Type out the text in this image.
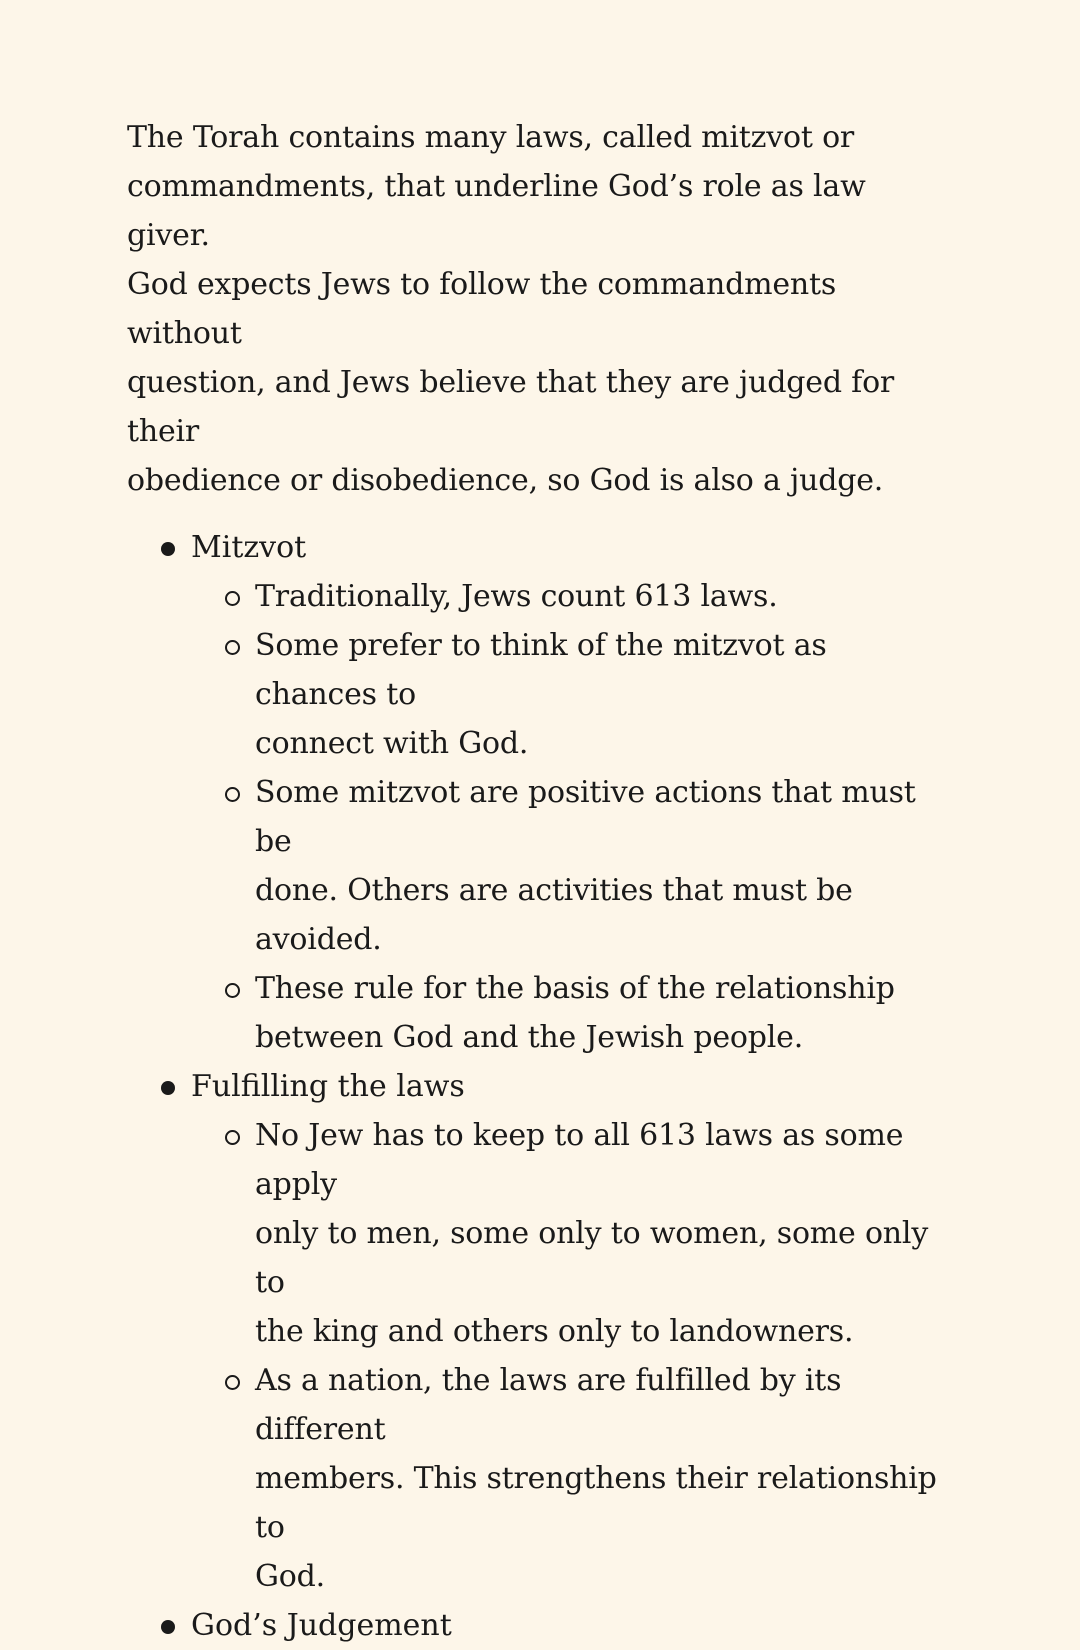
The Torah contains many laws, called mitzvot or
commandments, that underline God’s role as law giver.
God expects Jews to follow the commandments without
question, and Jews believe that they are judged for their
obedience or disobedience, so God is also a judge.

Mitzvot
Traditionally, Jews count 613 laws.
Some prefer to think of the mitzvot as chances to
connect with God.
Some mitzvot are positive actions that must be
done. Others are activities that must be avoided.
These rule for the basis of the relationship
between God and the Jewish people.
Fulfilling the laws
No Jew has to keep to all 613 laws as some apply
only to men, some only to women, some only to
the king and others only to landowners.
As a nation, the laws are fulfilled by its different
members. This strengthens their relationship to
God.
God’s Judgement
